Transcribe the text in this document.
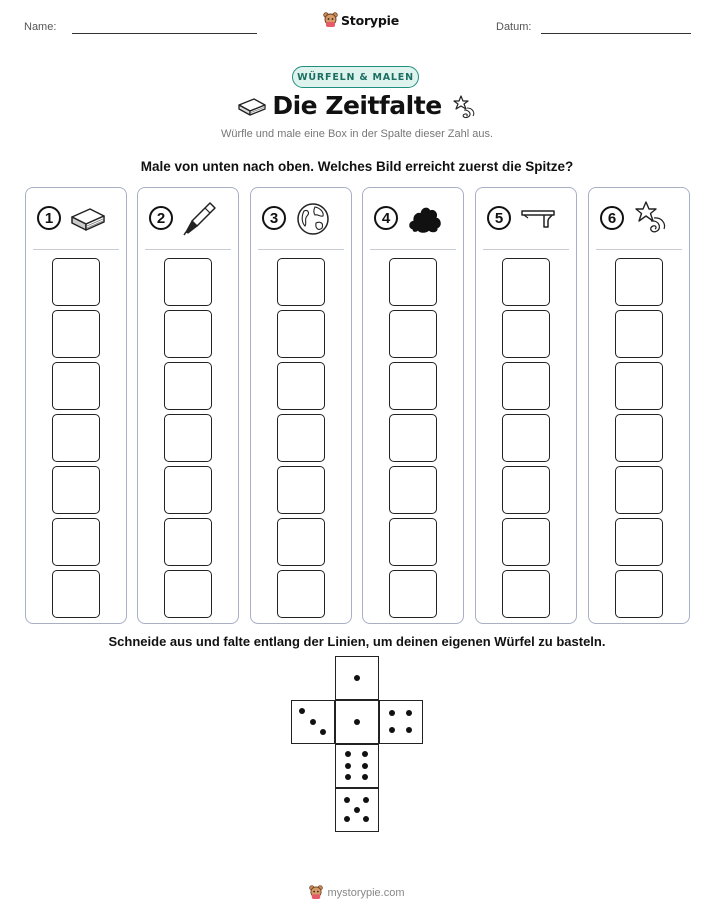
Name:	Storypie	Datum:
WÜRFELN & MALEN
Die Zeitfalte
Würfle und male eine Box in der Spalte dieser Zahl aus.
Male von unten nach oben. Welches Bild erreicht zuerst die Spitze?
1	2	3	4	5	6
Schneide aus und falte entlang der Linien, um deinen eigenen Würfel zu basteln.
mystorypie.com
